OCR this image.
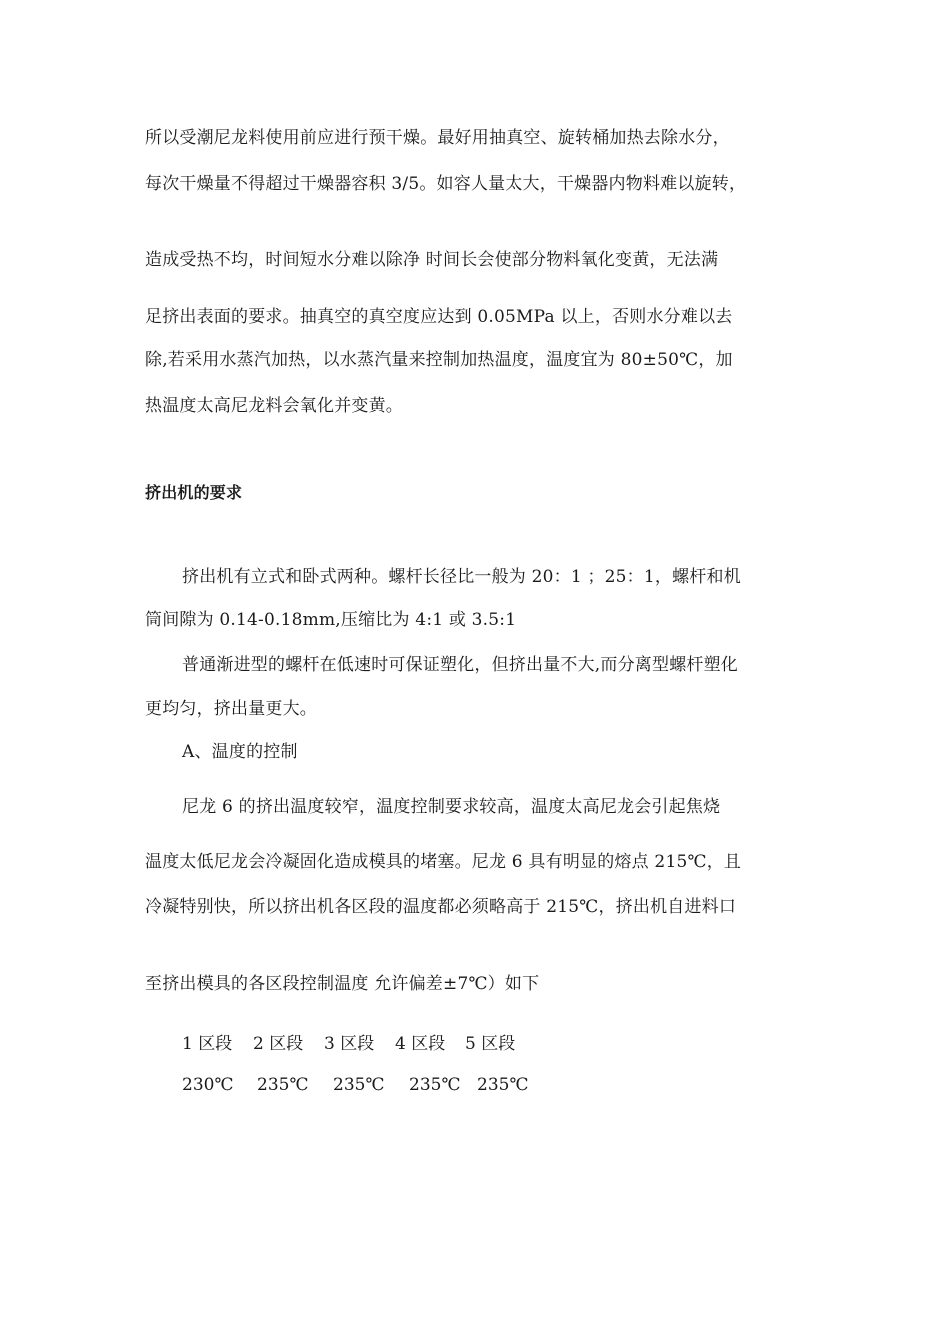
所以受潮尼龙料使用前应进行预干燥。最好用抽真空、旋转桶加热去除水分，
每次干燥量不得超过干燥器容积 3/5。如容人量太大，干燥器内物料难以旋转，
造成受热不均，时间短水分难以除净 时间长会使部分物料氧化变黄，无法满
足挤出表面的要求。抽真空的真空度应达到 0.05MPa 以上，否则水分难以去
除,若采用水蒸汽加热，以水蒸汽量来控制加热温度，温度宜为 80±50℃，加
热温度太高尼龙料会氧化并变黄。
挤出机的要求
挤出机有立式和卧式两种。螺杆长径比一般为 20：1 ；25：1，螺杆和机
筒间隙为 0.14-0.18mm,压缩比为 4:1 或 3.5:1
普通渐进型的螺杆在低速时可保证塑化，但挤出量不大,而分离型螺杆塑化
更均匀，挤出量更大。
A、温度的控制
尼龙 6 的挤出温度较窄，温度控制要求较高，温度太高尼龙会引起焦烧
温度太低尼龙会冷凝固化造成模具的堵塞。尼龙 6 具有明显的熔点 215℃，且
冷凝特别快，所以挤出机各区段的温度都必须略高于 215℃，挤出机自进料口
至挤出模具的各区段控制温度 允许偏差±7℃）如下
1 区段 2 区段 3 区段 4 区段 5 区段
230℃ 235℃ 235℃ 235℃ 235℃
